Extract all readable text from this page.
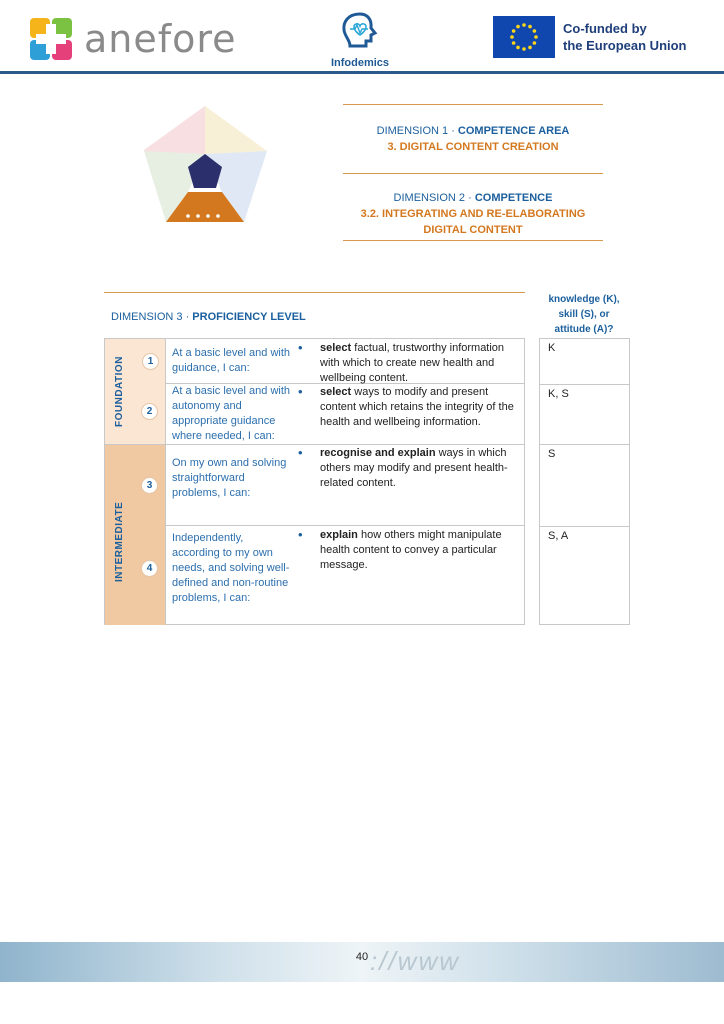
anefore
Infodemics
Co-funded by
the European Union
DIMENSION 1 · COMPETENCE AREA
3. DIGITAL CONTENT CREATION
DIMENSION 2 · COMPETENCE
3.2. INTEGRATING AND RE-ELABORATING
DIGITAL CONTENT
DIMENSION 3 · PROFICIENCY LEVEL
knowledge (K),
skill (S), or
attitude (A)?
FOUNDATION
INTERMEDIATE
1
At a basic level and with guidance, I can:
• select factual, trustworthy information with which to create new health and wellbeing content.
2
At a basic level and with autonomy and appropriate guidance where needed, I can:
• select ways to modify and present content which retains the integrity of the health and wellbeing information.
3
On my own and solving straightforward problems, I can:
• recognise and explain ways in which others may modify and present health-related content.
4
Independently, according to my own needs, and solving well-defined and non-routine problems, I can:
• explain how others might manipulate health content to convey a particular message.
K
K, S
S
S, A
://www
40
